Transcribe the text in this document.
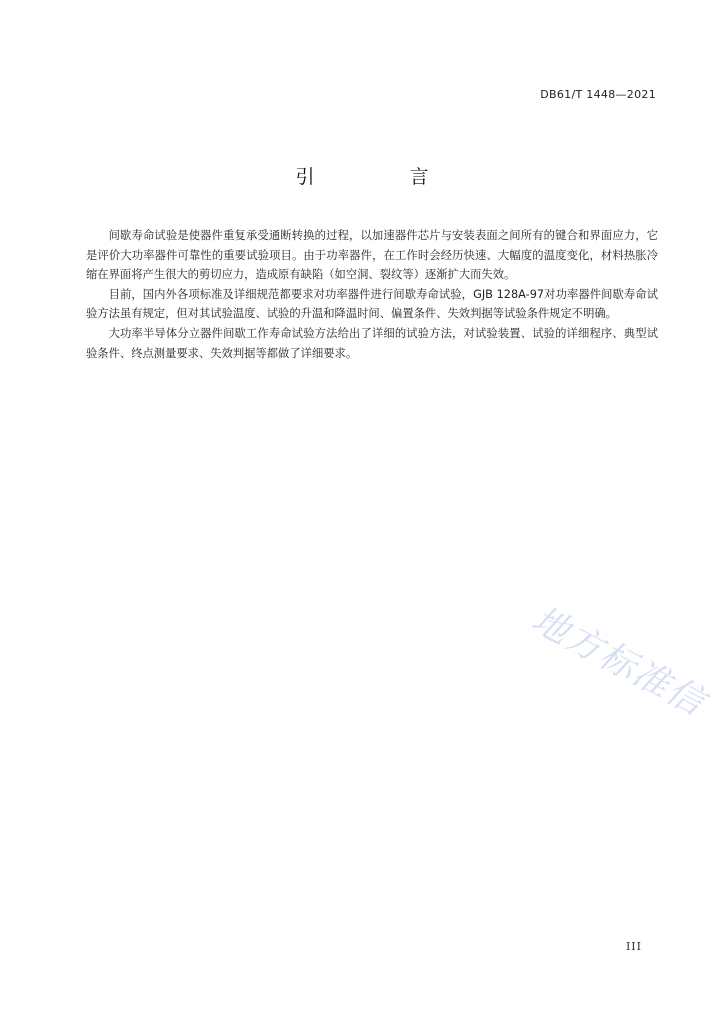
DB61/T 1448—2021
引　言

间歇寿命试验是使器件重复承受通断转换的过程，以加速器件芯片与安装表面之间所有的键合和界面应力，它是评价大功率器件可靠性的重要试验项目。由于功率器件，在工作时会经历快速、大幅度的温度变化，材料热胀冷缩在界面将产生很大的剪切应力，造成原有缺陷（如空洞、裂纹等）逐渐扩大而失效。

目前，国内外各项标准及详细规范都要求对功率器件进行间歇寿命试验，GJB 128A-97对功率器件间歇寿命试验方法虽有规定，但对其试验温度、试验的升温和降温时间、偏置条件、失效判据等试验条件规定不明确。

大功率半导体分立器件间歇工作寿命试验方法给出了详细的试验方法，对试验装置、试验的详细程序、典型试验条件、终点测量要求、失效判据等都做了详细要求。

地方标准信
III
